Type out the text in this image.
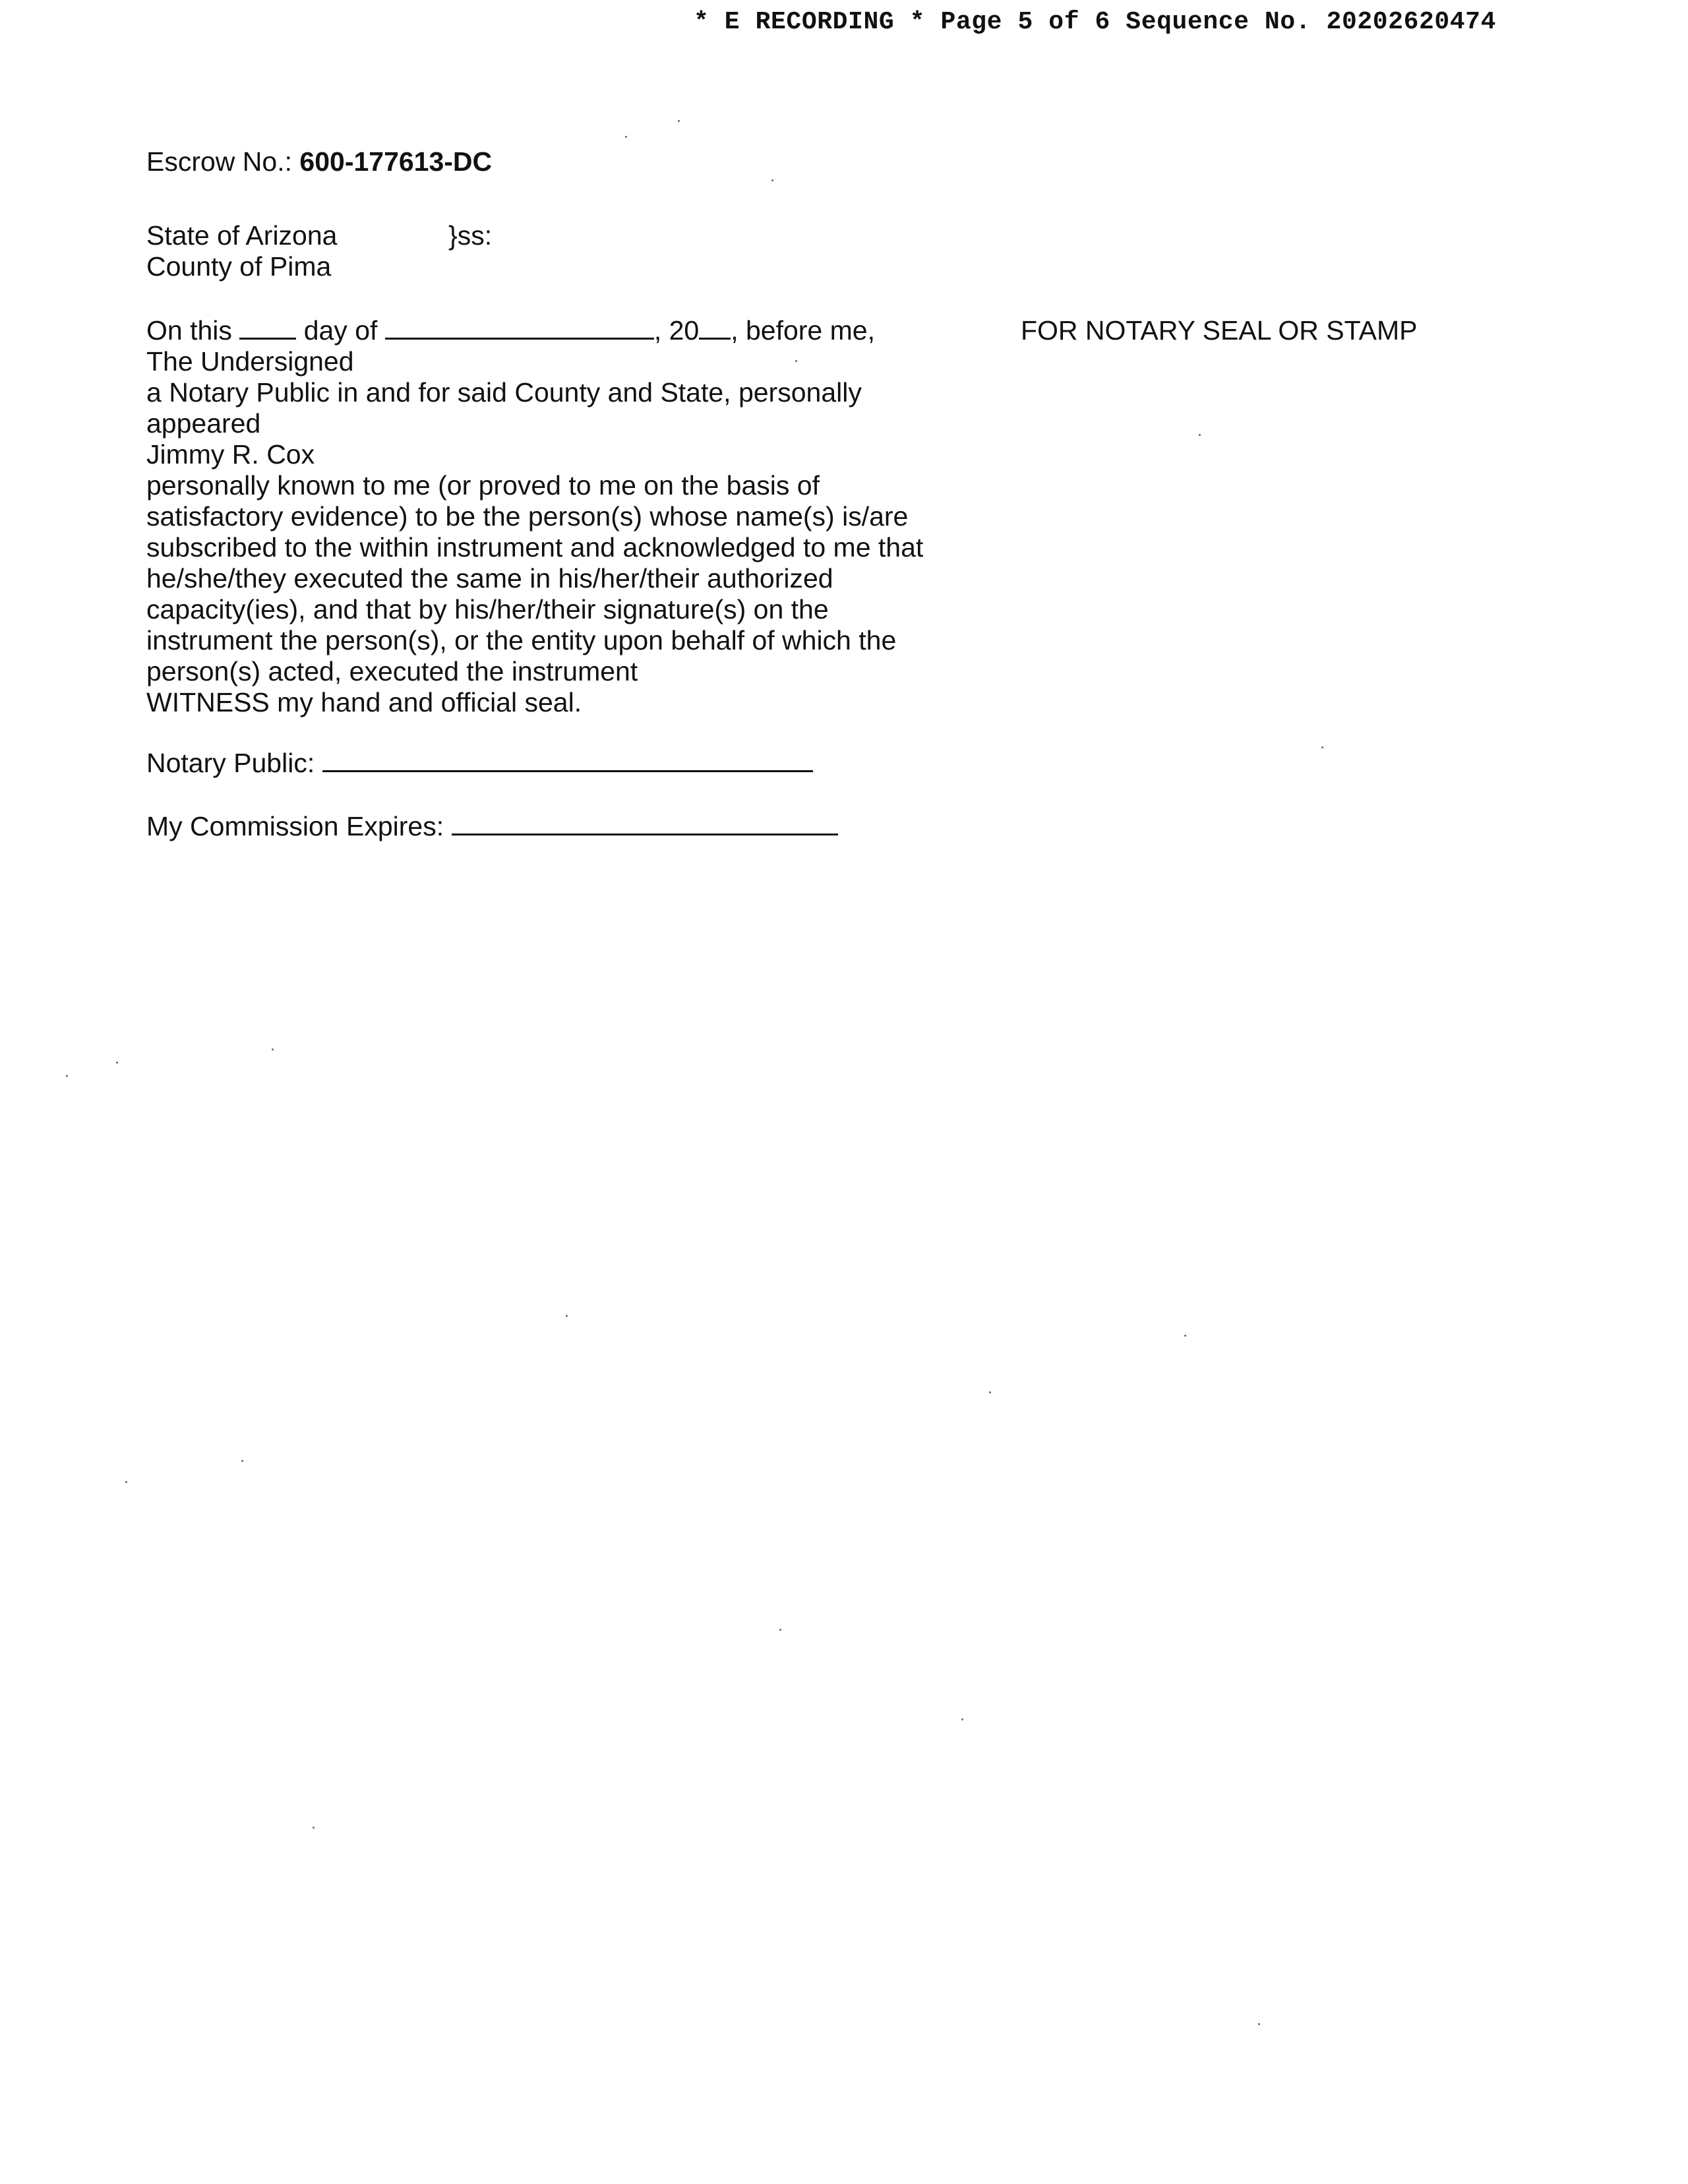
* E RECORDING * Page 5 of 6 Sequence No. 20202620474
Escrow No.: 600-177613-DC
State of Arizona	}ss:
County of Pima
On this	day of	, 20 , before me,
The Undersigned
a Notary Public in and for said County and State, personally
appeared
Jimmy R. Cox
personally known to me (or proved to me on the basis of
satisfactory evidence) to be the person(s) whose name(s) is/are
subscribed to the within instrument and acknowledged to me that
he/she/they executed the same in his/her/their authorized
capacity(ies), and that by his/her/their signature(s) on the
instrument the person(s), or the entity upon behalf of which the
person(s) acted, executed the instrument
WITNESS my hand and official seal.
FOR NOTARY SEAL OR STAMP
Notary Public:
My Commission Expires:
